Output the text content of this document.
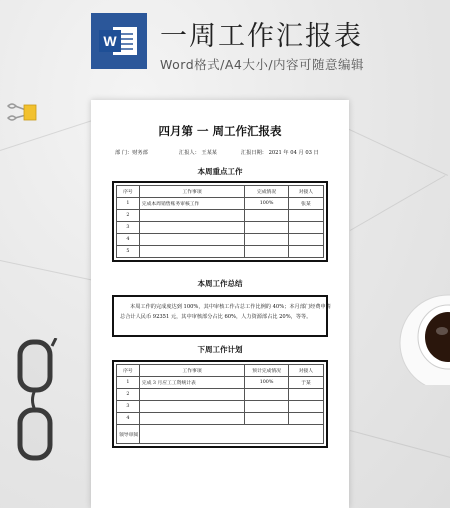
W 一周工作汇报表
Word格式/A4大小/内容可随意编辑
四月第 一 周工作汇报表
部 门：财务部	汇报人： 王某某	汇报日期： 2021 年 04 月 03 日
本周重点工作
序号	工作事项	完成情况	对接人
1	完成本周销售账务审核工作	100%	张某
2			
3			
4			
5			
本周工作总结
本周工作的完成度达到 100%，其中审核工作占总工作比例的 40%；本月部门经费申请
总合计人民币 92351 元，其中审核部分占比 60%，人力资源部占比 20%，等等。
下周工作计划
序号	工作事项	预计完成情况	对接人
1	完成 3 月应工工资统计表	100%	于某
2			
3			
4			
领导审阅			
